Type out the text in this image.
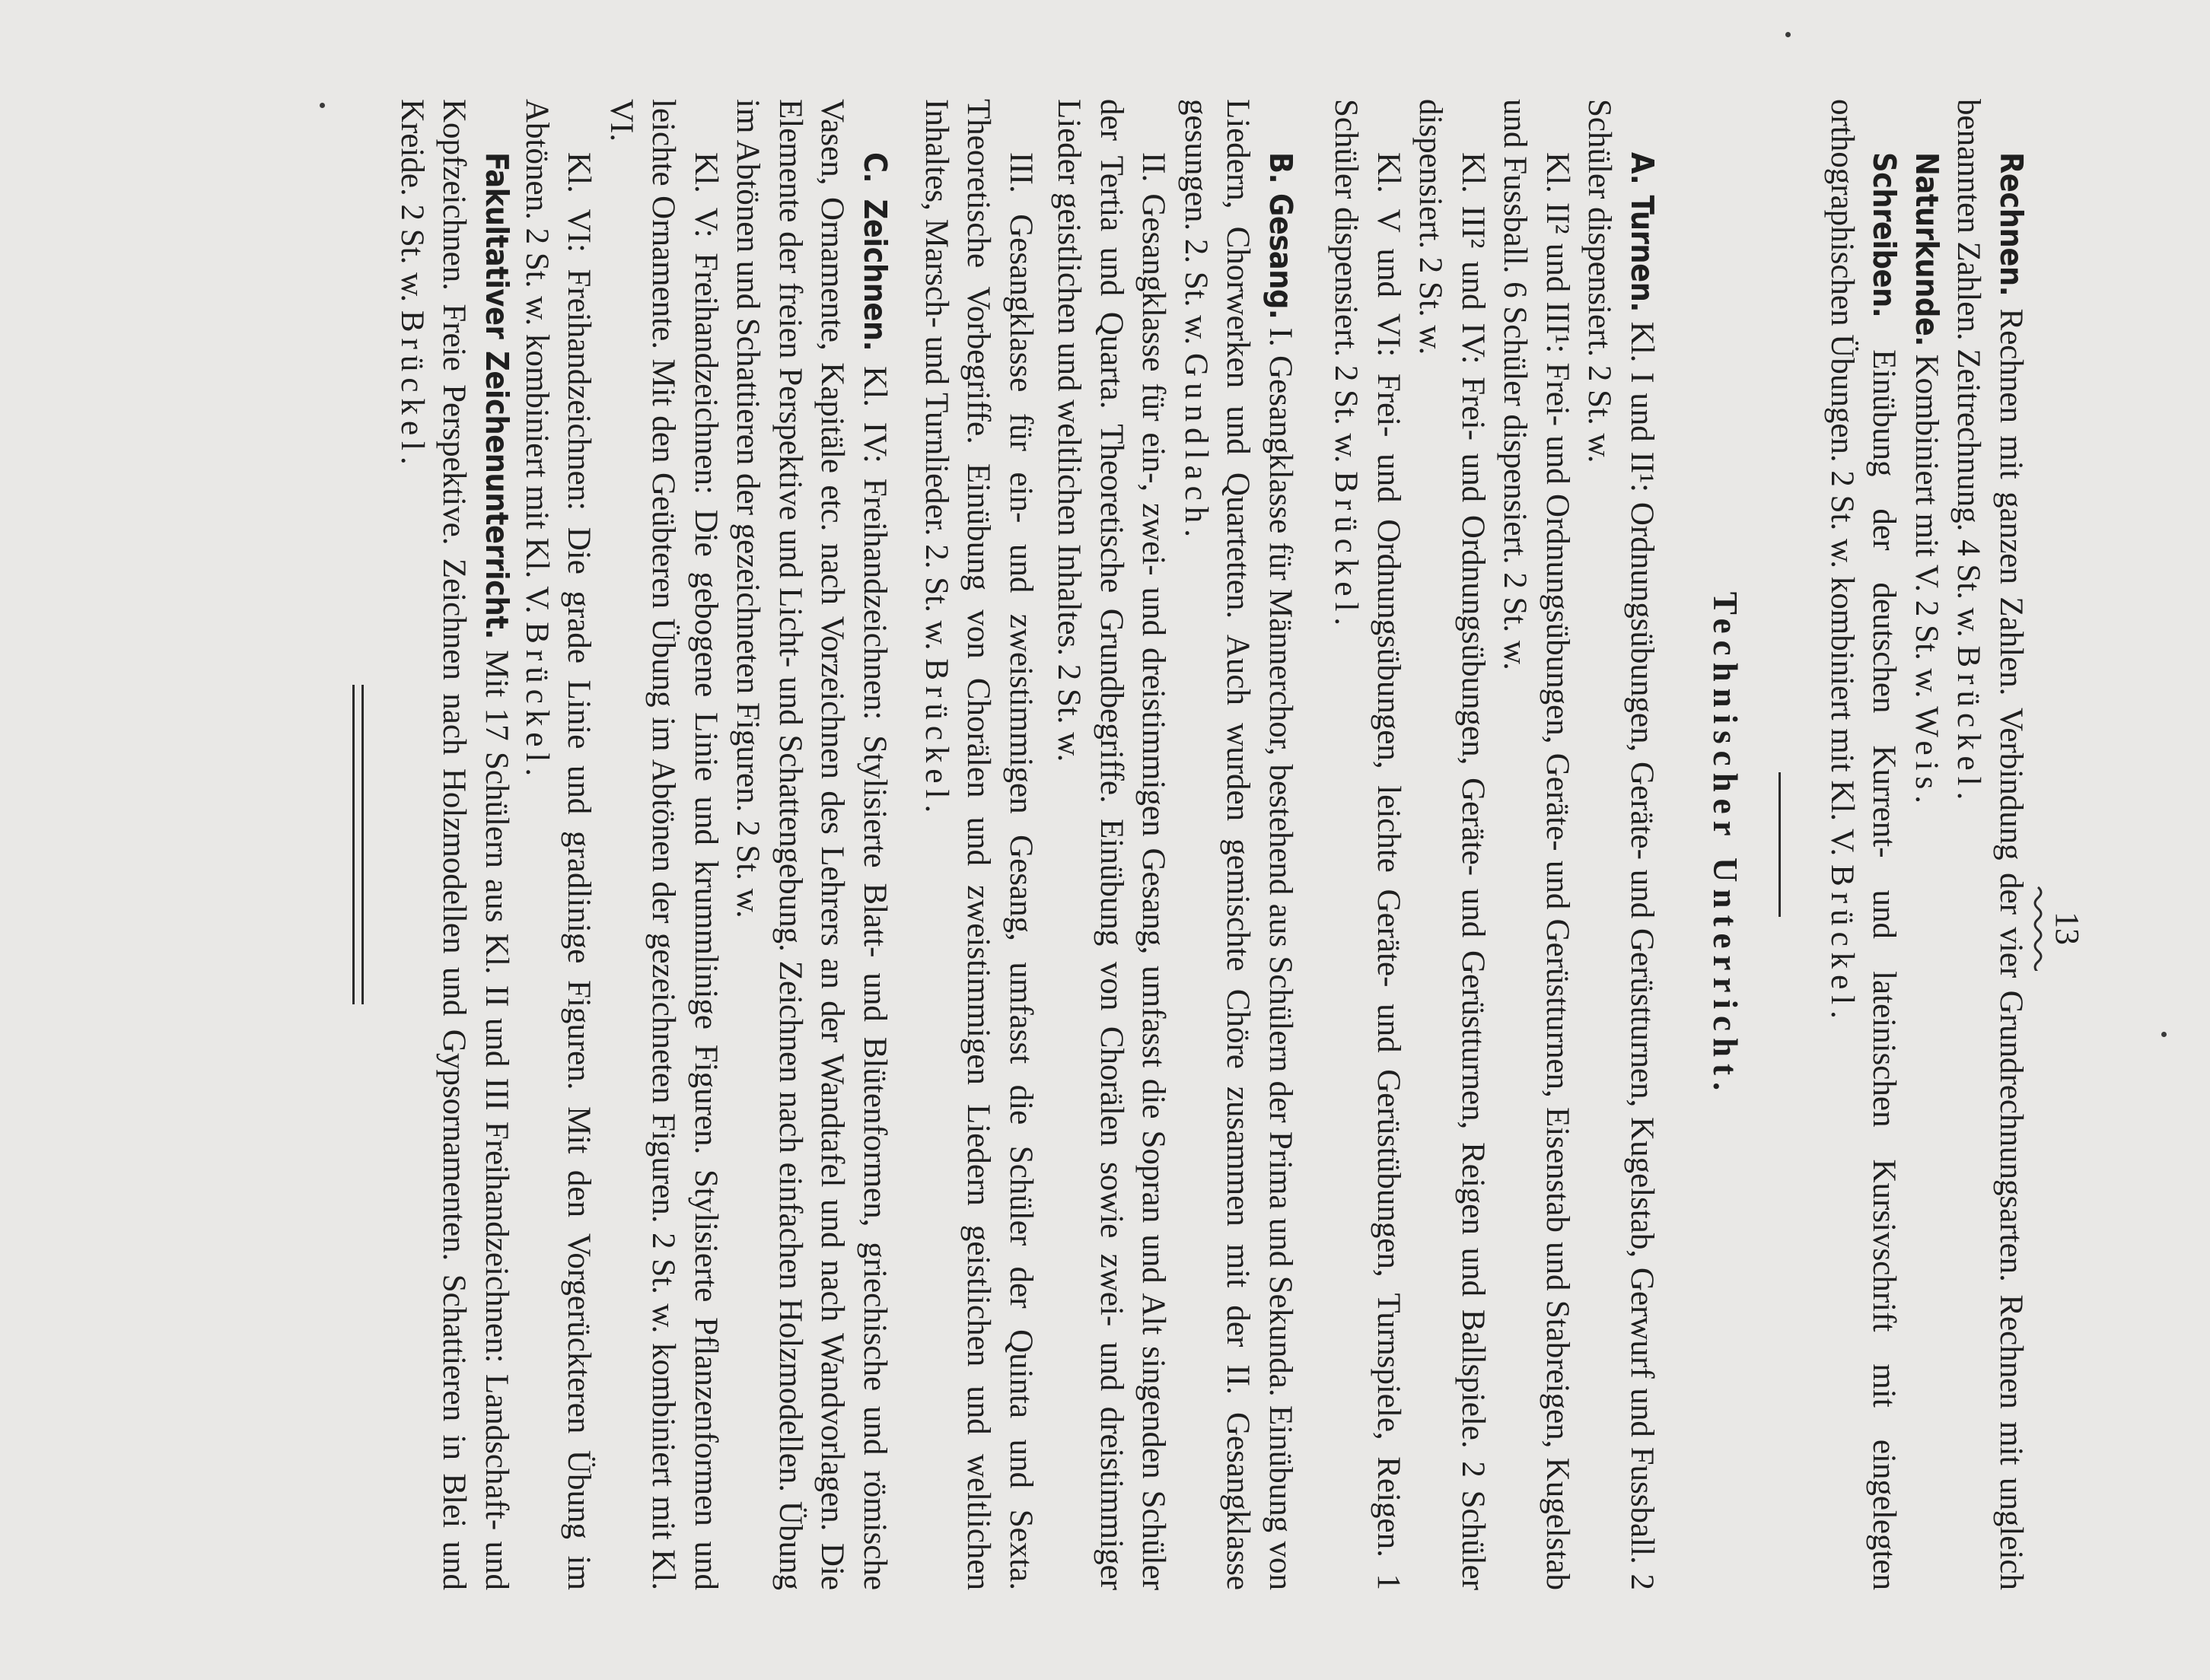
13

Rechnen. Rechnen mit ganzen Zahlen. Verbindung der vier Grundrechnungsarten. Rechnen mit ungleich benannten Zahlen. Zeitrechnung. 4 St. w. Brückel.

Naturkunde. Kombiniert mit V. 2 St. w. Weis.

Schreiben. Einübung der deutschen Kurrent- und lateinischen Kursivschrift mit eingelegten orthographischen Übungen. 2 St. w. kombiniert mit Kl. V. Brückel.

Technischer Unterricht.

A. Turnen. Kl. I und II¹: Ordnungsübungen, Geräte- und Gerüstturnen, Kugelstab, Gerwurf und Fussball. 2 Schüler dispensiert. 2 St. w.

Kl. II² und III¹: Frei- und Ordnungsübungen, Geräte- und Gerüstturnen, Eisenstab und Stabreigen, Kugelstab und Fussball. 6 Schüler dispensiert. 2 St. w.

Kl. III² und IV: Frei- und Ordnungsübungen, Geräte- und Gerüstturnen, Reigen und Ballspiele. 2 Schüler dispensiert. 2 St. w.

Kl. V und VI: Frei- und Ordnungsübungen, leichte Geräte- und Gerüstübungen, Turnspiele, Reigen. 1 Schüler dispensiert. 2 St. w. Brückel.

B. Gesang. I. Gesangklasse für Männerchor, bestehend aus Schülern der Prima und Sekunda. Einübung von Liedern, Chorwerken und Quartetten. Auch wurden gemischte Chöre zusammen mit der II. Gesangklasse gesungen. 2. St. w. Gundlach.

II. Gesangklasse für ein-, zwei- und dreistimmigen Gesang, umfasst die Sopran und Alt singenden Schüler der Tertia und Quarta. Theoretische Grundbegriffe. Einübung von Chorälen sowie zwei- und dreistimmiger Lieder geistlichen und weltlichen Inhaltes. 2 St. w.

III. Gesangklasse für ein- und zweistimmigen Gesang, umfasst die Schüler der Quinta und Sexta. Theoretische Vorbegriffe. Einübung von Chorälen und zweistimmigen Liedern geistlichen und weltlichen Inhaltes, Marsch- und Turnlieder. 2. St. w. Brückel.

C. Zeichnen. Kl. IV: Freihandzeichnen: Stylisierte Blatt- und Blütenformen, griechische und römische Vasen, Ornamente, Kapitäle etc. nach Vorzeichnen des Lehrers an der Wandtafel und nach Wandvorlagen. Die Elemente der freien Perspektive und Licht- und Schattengebung. Zeichnen nach einfachen Holzmodellen. Übung im Abtönen und Schattieren der gezeichneten Figuren. 2 St. w.

Kl. V: Freihandzeichnen: Die gebogene Linie und krummlinige Figuren. Stylisierte Pflanzenformen und leichte Ornamente. Mit den Geübteren Übung im Abtönen der gezeichneten Figuren. 2 St. w. kombiniert mit Kl. VI.

Kl. VI: Freihandzeichnen: Die grade Linie und gradlinige Figuren. Mit den Vorgerückteren Übung im Abtönen. 2 St. w. kombiniert mit Kl. V. Brückel.

Fakultativer Zeichenunterricht. Mit 17 Schülern aus Kl. II und III Freihandzeichnen: Landschaft- und Kopfzeichnen. Freie Perspektive. Zeichnen nach Holzmodellen und Gypsornamenten. Schattieren in Blei und Kreide. 2 St. w. Brückel.
